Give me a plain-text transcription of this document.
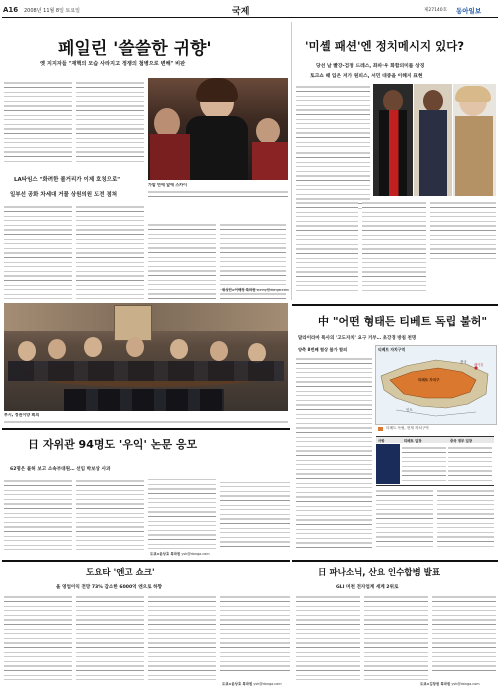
A16 2008년 11월 8일 토요일	국제	제27140호 동아일보
페일린 '쓸쓸한 귀향'
옛 지지자들 "재핵의 모습 사라지고 정쟁의 첨병으로 변해" 비판
LA타임스 "화려한 볼거리가 이제 호칭으로"
일부선 공화 차세대 거물 상원의원 도전 점쳐
가알 만에 앞에 스카이
워싱턴=이해정 특파원 sunny@donga.com
'미셸 패션'엔 정치메시지 있다?
당선 날 빨강-검정 드레스, 좌파·우 화합의미를 상징
토크쇼 때 입은 저가 원피스, 서민 대중을 이해지 표현
부시, 정권이양 회의
中 "어떤 형태든 티베트 독립 불허"
달라이라마 특사의 '고도자치' 요구 거부… 초강경 방침 천명
양측 8번째 협상 불가 합의	티베트 자치구역
티베트 자치구
중국
베이징
인도
티베트 독립, 현재 자치구역
사항	티베트 입장	중국 정부 입장
日 자위관 94명도 '우익' 논문 응모
62명은 불허 보고 소속부대원… 선임 박보상 사과
도쿄=윤상호 특파원 ysh@donga.com
도요타 '엔고 쇼크'
올 영업이익 전망 73% 감소한 6000억 엔으로 하향
도쿄=윤상호 특파원 ysh@donga.com
日 파나소닉, 산요 인수합병 발표
GLI 머천 전자업계 세계 2위로
도쿄=김창원 특파원 ysh@donga.com
